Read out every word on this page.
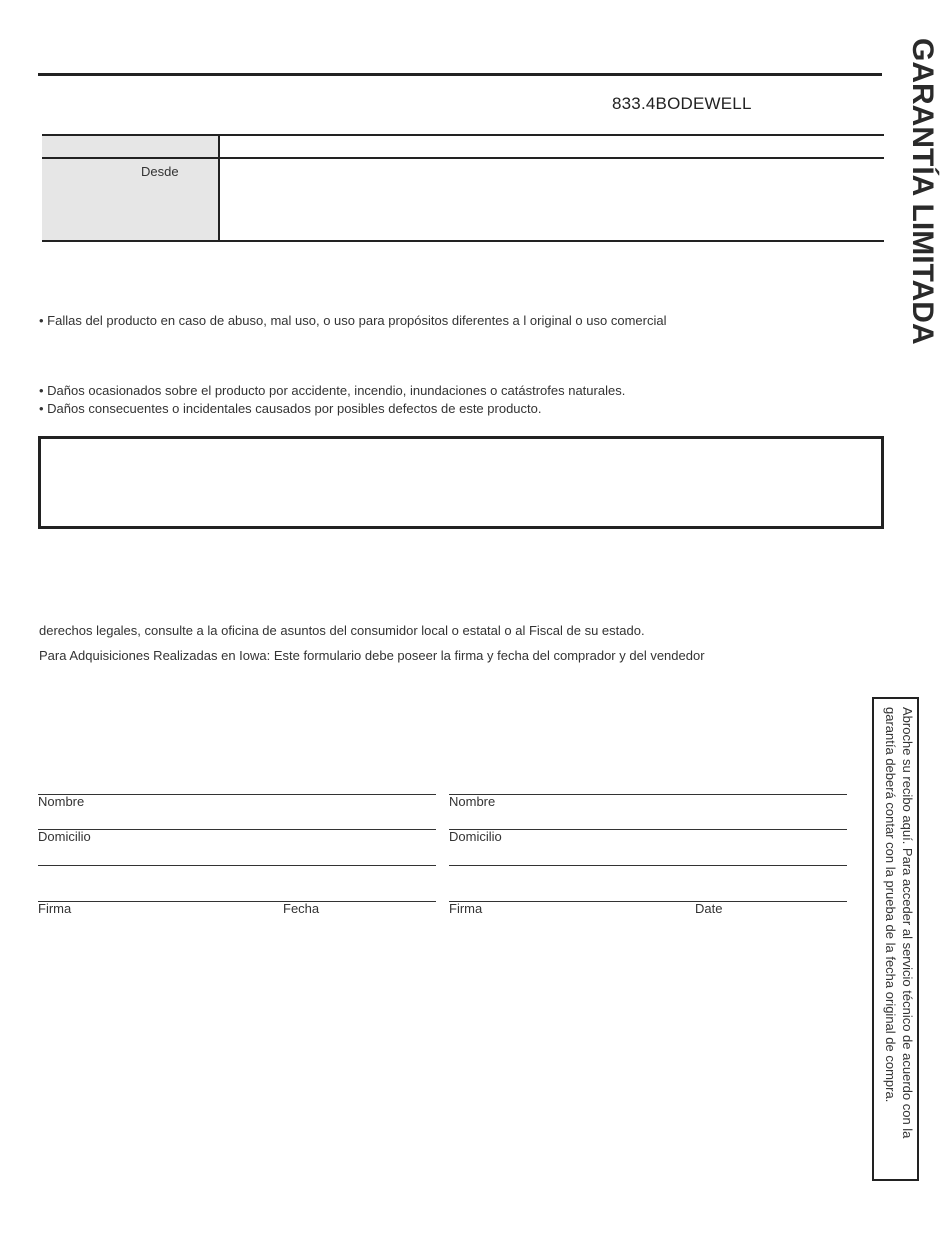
833.4BODEWELL	GARANTÍA LIMITADA
Desde
• Fallas del producto en caso de abuso, mal uso, o uso para propósitos diferentes a l original o uso comercial
• Daños ocasionados sobre el producto por accidente, incendio, inundaciones o catástrofes naturales.
• Daños consecuentes o incidentales causados por posibles defectos de este producto.
derechos legales, consulte a la oficina de asuntos del consumidor local o estatal o al Fiscal de su estado.
Para Adquisiciones Realizadas en Iowa: Este formulario debe poseer la firma y fecha del comprador y del vendedor
Nombre
Domicilio
Firma	Fecha
Nombre
Domicilio
Firma	Date	Abroche su recibo aquí. Para acceder al servicio técnico de acuerdo con la garantía deberá contar con la prueba de la fecha original de compra.
